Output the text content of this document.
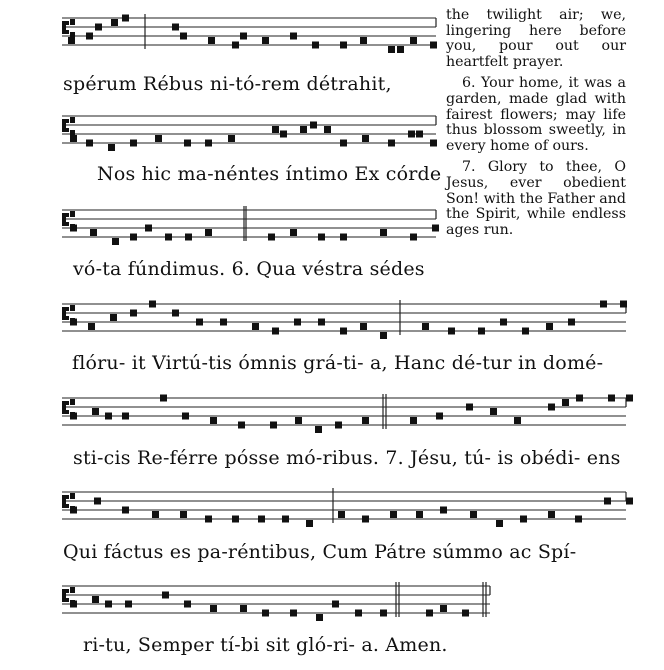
spérum Rébus ni-tó-rem détrahit,
Nos hic ma-néntes íntimo Ex córde
vó-ta fúndimus. 6. Qua véstra sédes
flóru- it Virtú-tis ómnis grá-ti- a, Hanc dé-tur in domé-
sti-cis Re-férre pósse mó-ribus. 7. Jésu, tú- is obédi- ens
Qui fáctus es pa-réntibus, Cum Pátre súmmo ac Spí-
ri-tu, Semper tí-bi sit gló-ri- a. Amen.

the twilight air; we, lingering here before you, pour out our heartfelt prayer.

6. Your home, it was a garden, made glad with fairest flowers; may life thus blossom sweetly, in every home of ours.

7. Glory to thee, O Jesus, ever obedient Son! with the Father and the Spirit, while endless ages run.
